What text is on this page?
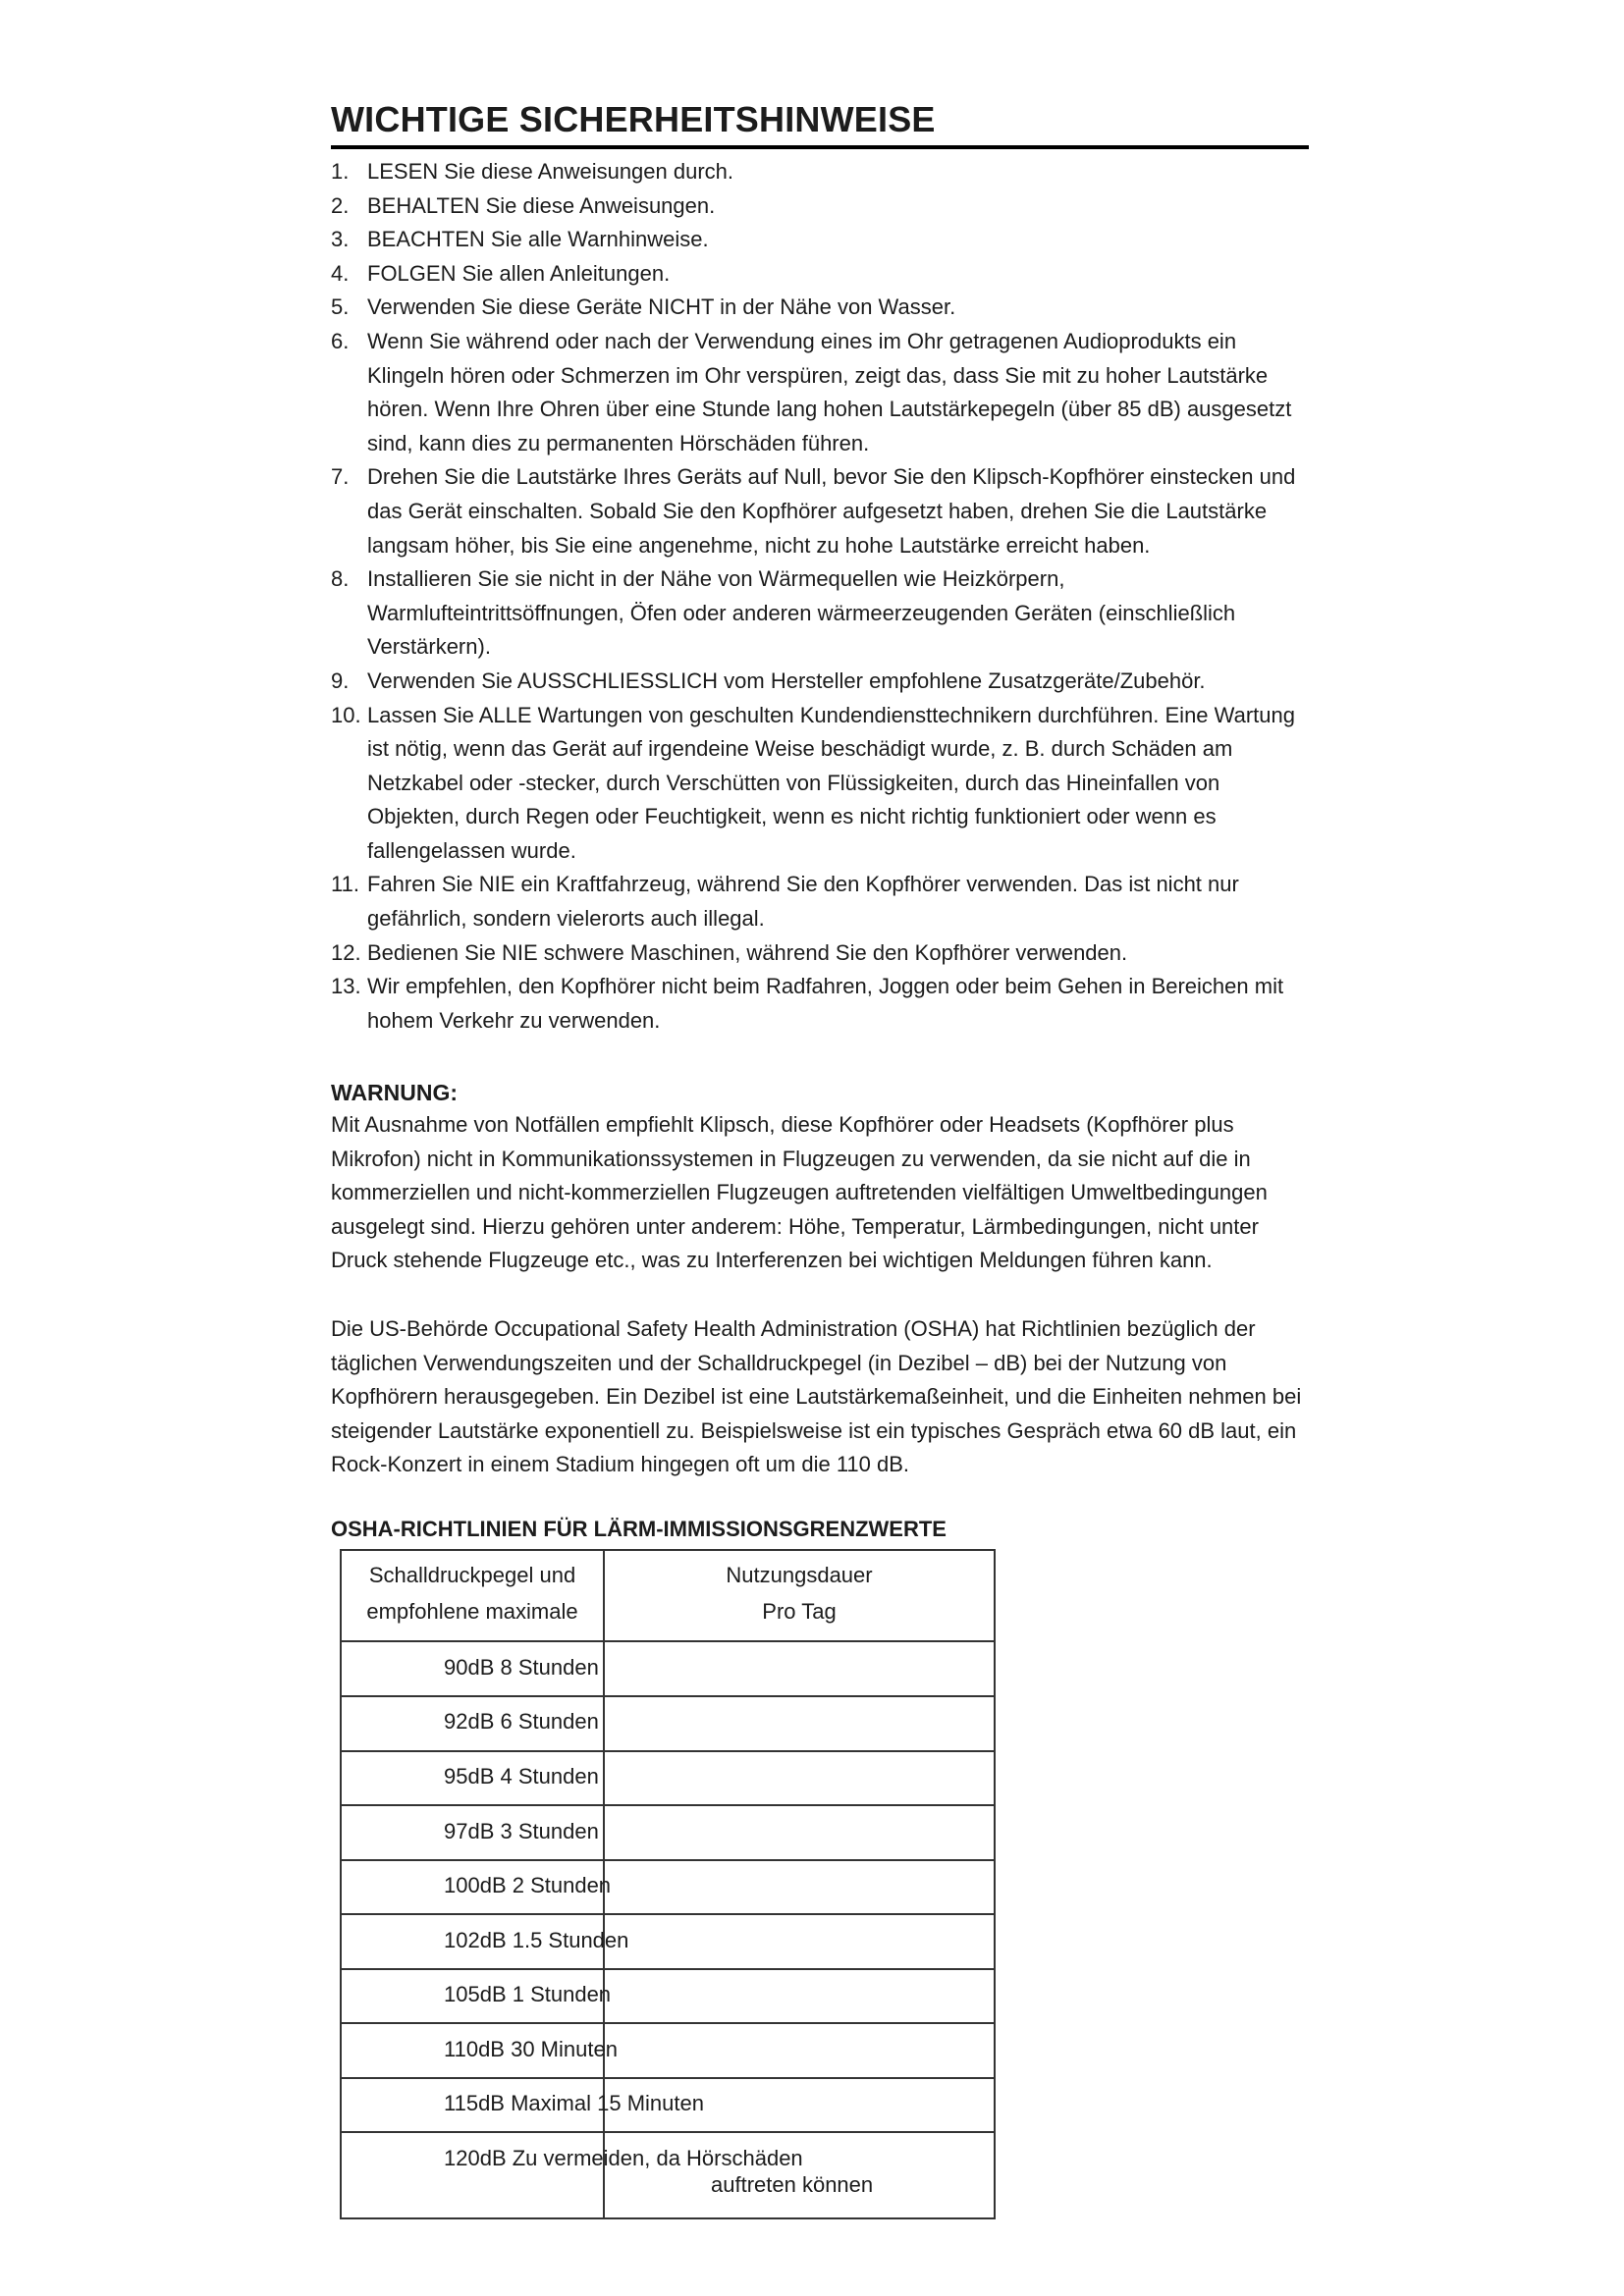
WICHTIGE SICHERHEITSHINWEISE
1. LESEN Sie diese Anweisungen durch.
2. BEHALTEN Sie diese Anweisungen.
3. BEACHTEN Sie alle Warnhinweise.
4. FOLGEN Sie allen Anleitungen.
5. Verwenden Sie diese Geräte NICHT in der Nähe von Wasser.
6. Wenn Sie während oder nach der Verwendung eines im Ohr getragenen Audioprodukts ein Klingeln hören oder Schmerzen im Ohr verspüren, zeigt das, dass Sie mit zu hoher Lautstärke hören. Wenn Ihre Ohren über eine Stunde lang hohen Lautstärkepegeln (über 85 dB) ausgesetzt sind, kann dies zu permanenten Hörschäden führen.
7. Drehen Sie die Lautstärke Ihres Geräts auf Null, bevor Sie den Klipsch-Kopfhörer einstecken und das Gerät einschalten. Sobald Sie den Kopfhörer aufgesetzt haben, drehen Sie die Lautstärke langsam höher, bis Sie eine angenehme, nicht zu hohe Lautstärke erreicht haben.
8. Installieren Sie sie nicht in der Nähe von Wärmequellen wie Heizkörpern, Warmlufteintrittsöffnungen, Öfen oder anderen wärmeerzeugenden Geräten (einschließlich Verstärkern).
9. Verwenden Sie AUSSCHLIESSLICH vom Hersteller empfohlene Zusatzgeräte/Zubehör.
10. Lassen Sie ALLE Wartungen von geschulten Kundendiensttechnikern durchführen. Eine Wartung ist nötig, wenn das Gerät auf irgendeine Weise beschädigt wurde, z. B. durch Schäden am Netzkabel oder -stecker, durch Verschütten von Flüssigkeiten, durch das Hineinfallen von Objekten, durch Regen oder Feuchtigkeit, wenn es nicht richtig funktioniert oder wenn es fallengelassen wurde.
11. Fahren Sie NIE ein Kraftfahrzeug, während Sie den Kopfhörer verwenden. Das ist nicht nur gefährlich, sondern vielerorts auch illegal.
12. Bedienen Sie NIE schwere Maschinen, während Sie den Kopfhörer verwenden.
13. Wir empfehlen, den Kopfhörer nicht beim Radfahren, Joggen oder beim Gehen in Bereichen mit hohem Verkehr zu verwenden.
WARNUNG:

Mit Ausnahme von Notfällen empfiehlt Klipsch, diese Kopfhörer oder Headsets (Kopfhörer plus Mikrofon) nicht in Kommunikationssystemen in Flugzeugen zu verwenden, da sie nicht auf die in kommerziellen und nicht-kommerziellen Flugzeugen auftretenden vielfältigen Umweltbedingungen ausgelegt sind. Hierzu gehören unter anderem: Höhe, Temperatur, Lärmbedingungen, nicht unter Druck stehende Flugzeuge etc., was zu Interferenzen bei wichtigen Meldungen führen kann.

Die US-Behörde Occupational Safety Health Administration (OSHA) hat Richtlinien bezüglich der täglichen Verwendungszeiten und der Schalldruckpegel (in Dezibel – dB) bei der Nutzung von Kopfhörern herausgegeben. Ein Dezibel ist eine Lautstärkemaßeinheit, und die Einheiten nehmen bei steigender Lautstärke exponentiell zu. Beispielsweise ist ein typisches Gespräch etwa 60 dB laut, ein Rock-Konzert in einem Stadium hingegen oft um die 110 dB.

OSHA-RICHTLINIEN FÜR LÄRM-IMMISSIONSGRENZWERTE
Schalldruckpegel und
empfohlene maximale
Nutzungsdauer
Pro Tag
90dB 8 Stunden
92dB 6 Stunden
95dB 4 Stunden
97dB 3 Stunden
100dB 2 Stunden
102dB 1.5 Stunden
105dB 1 Stunden
110dB 30 Minuten
115dB Maximal 15 Minuten
120dB Zu vermeiden, da Hörschäden
auftreten können
